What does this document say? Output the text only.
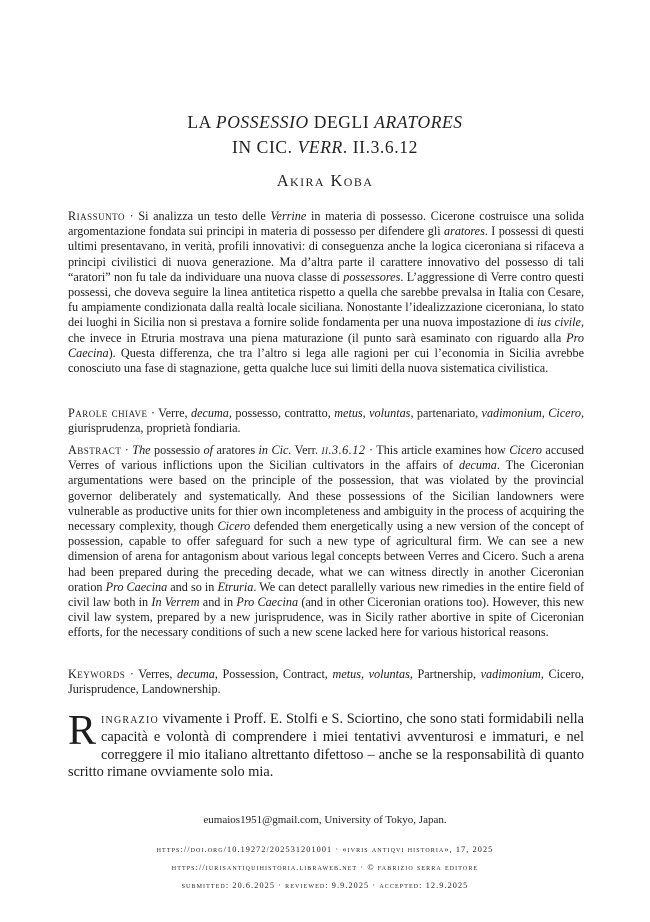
LA POSSESSIO DEGLI ARATORES
IN CIC. VERR. II.3.6.12
Akira Koba

Riassunto · Si analizza un testo delle Verrine in materia di possesso. Cicerone costruisce una solida argomentazione fondata sui principi in materia di possesso per difendere gli aratores. I possessi di questi ultimi presentavano, in verità, profili innovativi: di conseguenza anche la logica ciceroniana si rifaceva a principi civilistici di nuova generazione. Ma d’altra parte il carattere innovativo del possesso di tali “aratori” non fu tale da individuare una nuova classe di possessores. L’aggressione di Verre contro questi possessi, che doveva seguire la linea antitetica rispetto a quella che sarebbe prevalsa in Italia con Cesare, fu ampiamente condizionata dalla realtà locale siciliana. Nonostante l’idealizzazione ciceroniana, lo stato dei luoghi in Sicilia non si prestava a fornire solide fondamenta per una nuova impostazione di ius civile, che invece in Etruria mostrava una piena maturazione (il punto sarà esaminato con riguardo alla Pro Caecina). Questa differenza, che tra l’altro si lega alle ragioni per cui l’economia in Sicilia avrebbe conosciuto una fase di stagnazione, getta qualche luce sui limiti della nuova sistematica civilistica.

Parole chiave · Verre, decuma, possesso, contratto, metus, voluntas, partenariato, vadimonium, Cicero, giurisprudenza, proprietà fondiaria.

Abstract · The possessio of aratores in Cic. Verr. ii.3.6.12 · This article examines how Cicero accused Verres of various inflictions upon the Sicilian cultivators in the affairs of decuma. The Ciceronian argumentations were based on the principle of the possession, that was violated by the provincial governor deliberately and systematically. And these possessions of the Sicilian landowners were vulnerable as productive units for thier own incompleteness and ambiguity in the process of acquiring the necessary complexity, though Cicero defended them energetically using a new version of the concept of possession, capable to offer safeguard for such a new type of agricultural firm. We can see a new dimension of arena for antagonism about various legal concepts between Verres and Cicero. Such a arena had been prepared during the preceding decade, what we can witness directly in another Ciceronian oration Pro Caecina and so in Etruria. We can detect parallelly various new rimedies in the entire field of civil law both in In Verrem and in Pro Caecina (and in other Ciceronian orations too). However, this new civil law system, prepared by a new jurisprudence, was in Sicily rather abortive in spite of Ciceronian efforts, for the necessary conditions of such a new scene lacked here for various historical reasons.

Keywords · Verres, decuma, Possession, Contract, metus, voluntas, Partnership, vadimonium, Cicero, Jurisprudence, Landownership.

Ringrazio vivamente i Proff. E. Stolfi e S. Sciortino, che sono stati formidabili nella capacità e volontà di comprendere i miei tentativi avventurosi e immaturi, e nel correggere il mio italiano altrettanto difettoso – anche se la responsabilità di quanto scritto rimane ovviamente solo mia.

eumaios1951@gmail.com, University of Tokyo, Japan.
https://doi.org/10.19272/202531201001 · «ivris antiqvi historia», 17, 2025
https://iurisantiquihistoria.libraweb.net · © fabrizio serra editore
submitted: 20.6.2025 · reviewed: 9.9.2025 · accepted: 12.9.2025
